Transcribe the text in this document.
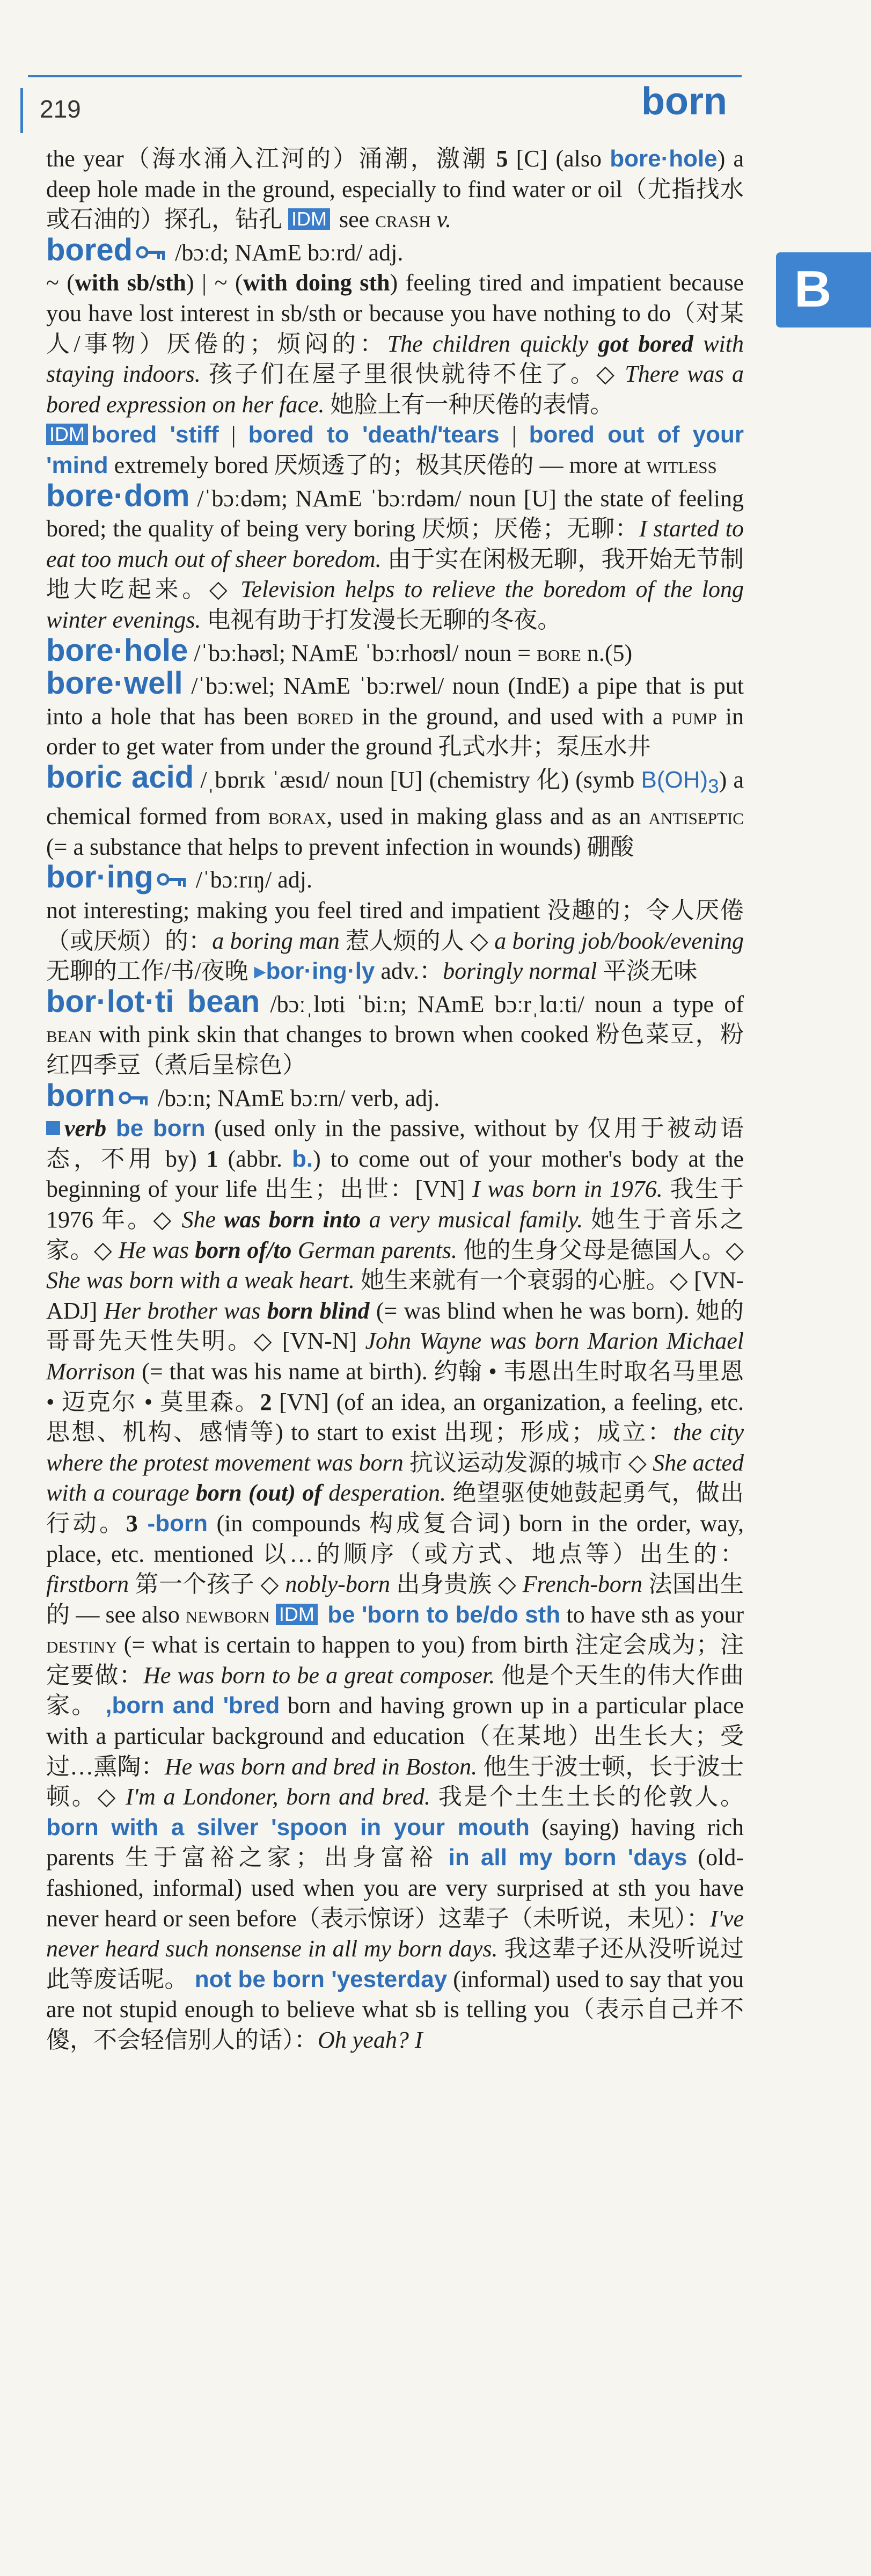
219	born
B

the year（海水涌入江河的）涌潮，激潮 5 [C] (also bore·hole) a deep hole made in the ground, especially to find water or oil（尤指找水或石油的）探孔，钻孔 IDM see crash v.

bored /bɔːd; NAmE bɔːrd/ adj.
~ (with sb/sth) | ~ (with doing sth) feeling tired and impatient because you have lost interest in sb/sth or because you have nothing to do（对某人/事物）厌倦的；烦闷的：The children quickly got bored with staying indoors. 孩子们在屋子里很快就待不住了。◇ There was a bored expression on her face. 她脸上有一种厌倦的表情。
IDM bored 'stiff | bored to 'death/'tears | bored out of your 'mind extremely bored 厌烦透了的；极其厌倦的 — more at witless

bore·dom /ˈbɔːdəm; NAmE ˈbɔːrdəm/ noun [U] the state of feeling bored; the quality of being very boring 厌烦；厌倦；无聊：I started to eat too much out of sheer boredom. 由于实在闲极无聊，我开始无节制地大吃起来。◇ Television helps to relieve the boredom of the long winter evenings. 电视有助于打发漫长无聊的冬夜。

bore·hole /ˈbɔːhəʊl; NAmE ˈbɔːrhoʊl/ noun = bore n.(5)

bore·well /ˈbɔːwel; NAmE ˈbɔːrwel/ noun (IndE) a pipe that is put into a hole that has been bored in the ground, and used with a pump in order to get water from under the ground 孔式水井；泵压水井

boric acid /ˌbɒrɪk ˈæsɪd/ noun [U] (chemistry 化) (symb $B(OH)_3$) a chemical formed from borax, used in making glass and as an antiseptic (= a substance that helps to prevent infection in wounds) 硼酸

bor·ing /ˈbɔːrɪŋ/ adj.
not interesting; making you feel tired and impatient 没趣的；令人厌倦（或厌烦）的：a boring man 惹人烦的人 ◇ a boring job/book/evening 无聊的工作/书/夜晚 ▸bor·ing·ly adv.：boringly normal 平淡无味

bor·lot·ti bean /bɔːˌlɒti ˈbiːn; NAmE bɔːrˌlɑːti/ noun a type of bean with pink skin that changes to brown when cooked 粉色菜豆，粉红四季豆（煮后呈棕色）

born /bɔːn; NAmE bɔːrn/ verb, adj.
verb be born (used only in the passive, without by 仅用于被动语态，不用 by) 1 (abbr. b.) to come out of your mother's body at the beginning of your life 出生；出世：[VN] I was born in 1976. 我生于 1976 年。◇ She was born into a very musical family. 她生于音乐之家。◇ He was born of/to German parents. 他的生身父母是德国人。◇ She was born with a weak heart. 她生来就有一个衰弱的心脏。◇ [VN-ADJ] Her brother was born blind (= was blind when he was born). 她的哥哥先天性失明。◇ [VN-N] John Wayne was born Marion Michael Morrison (= that was his name at birth). 约翰 • 韦恩出生时取名马里恩 • 迈克尔 • 莫里森。2 [VN] (of an idea, an organization, a feeling, etc. 思想、机构、感情等) to start to exist 出现；形成；成立：the city where the protest movement was born 抗议运动发源的城市 ◇ She acted with a courage born (out) of desperation. 绝望驱使她鼓起勇气，做出行动。3 -born (in compounds 构成复合词) born in the order, way, place, etc. mentioned 以…的顺序（或方式、地点等）出生的：firstborn 第一个孩子 ◇ nobly-born 出身贵族 ◇ French-born 法国出生的 — see also newborn IDM be 'born to be/do sth to have sth as your destiny (= what is certain to happen to you) from birth 注定会成为；注定要做：He was born to be a great composer. 他是个天生的伟大作曲家。 ,born and 'bred born and having grown up in a particular place with a particular background and education（在某地）出生长大；受过…熏陶：He was born and bred in Boston. 他生于波士顿，长于波士顿。◇ I'm a Londoner, born and bred. 我是个土生土长的伦敦人。 born with a silver 'spoon in your mouth (saying) having rich parents 生于富裕之家；出身富裕 in all my born 'days (old-fashioned, informal) used when you are very surprised at sth you have never heard or seen before（表示惊讶）这辈子（未听说，未见）：I've never heard such nonsense in all my born days. 我这辈子还从没听说过此等废话呢。 not be born 'yesterday (informal) used to say that you are not stupid enough to believe what sb is telling you（表示自己并不傻，不会轻信别人的话）：Oh yeah? I
